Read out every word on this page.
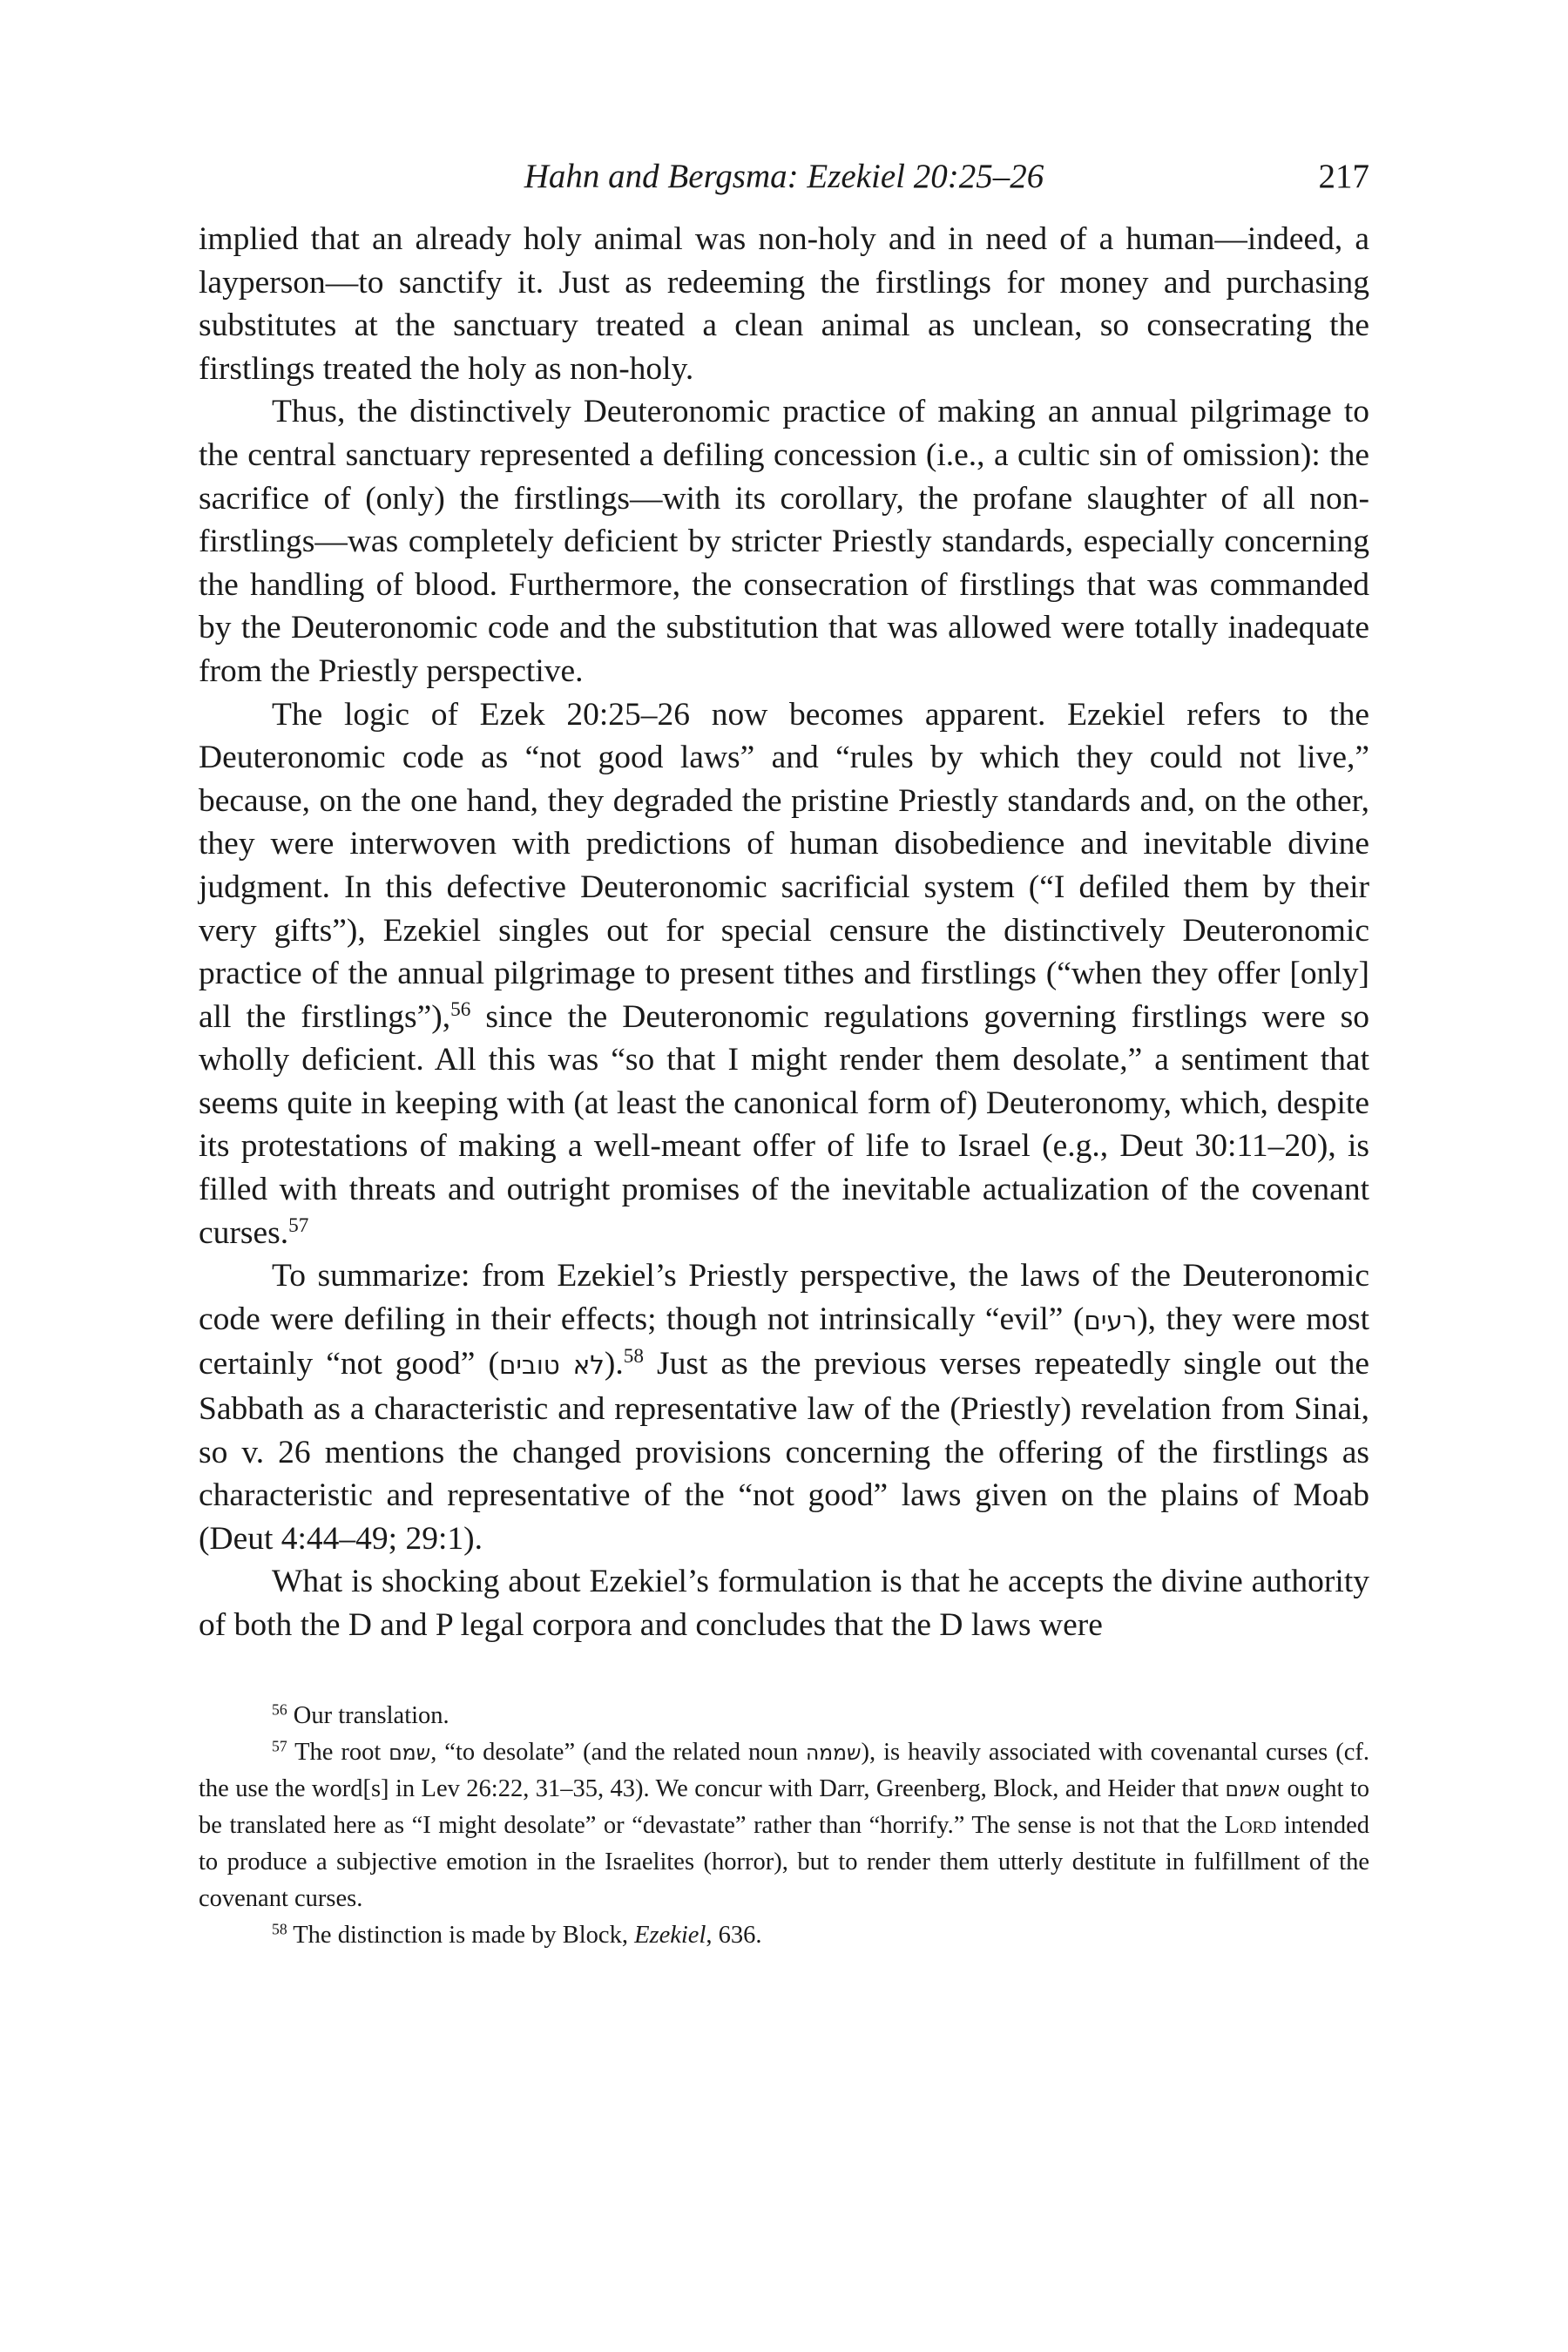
Hahn and Bergsma: Ezekiel 20:25–26	217

implied that an already holy animal was non-holy and in need of a human—indeed, a layperson—to sanctify it. Just as redeeming the firstlings for money and purchasing substitutes at the sanctuary treated a clean animal as unclean, so consecrating the firstlings treated the holy as non-holy.

Thus, the distinctively Deuteronomic practice of making an annual pilgrimage to the central sanctuary represented a defiling concession (i.e., a cultic sin of omission): the sacrifice of (only) the firstlings—with its corollary, the profane slaughter of all non-firstlings—was completely deficient by stricter Priestly standards, especially concerning the handling of blood. Furthermore, the consecration of firstlings that was commanded by the Deuteronomic code and the substitution that was allowed were totally inadequate from the Priestly perspective.

The logic of Ezek 20:25–26 now becomes apparent. Ezekiel refers to the Deuteronomic code as “not good laws” and “rules by which they could not live,” because, on the one hand, they degraded the pristine Priestly standards and, on the other, they were interwoven with predictions of human disobedience and inevitable divine judgment. In this defective Deuteronomic sacrificial system (“I defiled them by their very gifts”), Ezekiel singles out for special censure the distinctively Deuteronomic practice of the annual pilgrimage to present tithes and firstlings (“when they offer [only] all the firstlings”),$^{56}$ since the Deuteronomic regulations governing firstlings were so wholly deficient. All this was “so that I might render them desolate,” a sentiment that seems quite in keeping with (at least the canonical form of) Deuteronomy, which, despite its protestations of making a well-meant offer of life to Israel (e.g., Deut 30:11–20), is filled with threats and outright promises of the inevitable actualization of the covenant curses.$^{57}$

To summarize: from Ezekiel’s Priestly perspective, the laws of the Deuteronomic code were defiling in their effects; though not intrinsically “evil” (רעים), they were most certainly “not good” (לא טובים).$^{58}$ Just as the previous verses repeatedly single out the Sabbath as a characteristic and representative law of the (Priestly) revelation from Sinai, so v. 26 mentions the changed provisions concerning the offering of the firstlings as characteristic and representative of the “not good” laws given on the plains of Moab (Deut 4:44–49; 29:1).

What is shocking about Ezekiel’s formulation is that he accepts the divine authority of both the D and P legal corpora and concludes that the D laws were

$^{56}$ Our translation.

$^{57}$ The root שמם, “to desolate” (and the related noun שממה), is heavily associated with covenantal curses (cf. the use the word[s] in Lev 26:22, 31–35, 43). We concur with Darr, Greenberg, Block, and Heider that אשמם ought to be translated here as “I might desolate” or “devastate” rather than “horrify.” The sense is not that the Lord intended to produce a subjective emotion in the Israelites (horror), but to render them utterly destitute in fulfillment of the covenant curses.

$^{58}$ The distinction is made by Block, Ezekiel, 636.
